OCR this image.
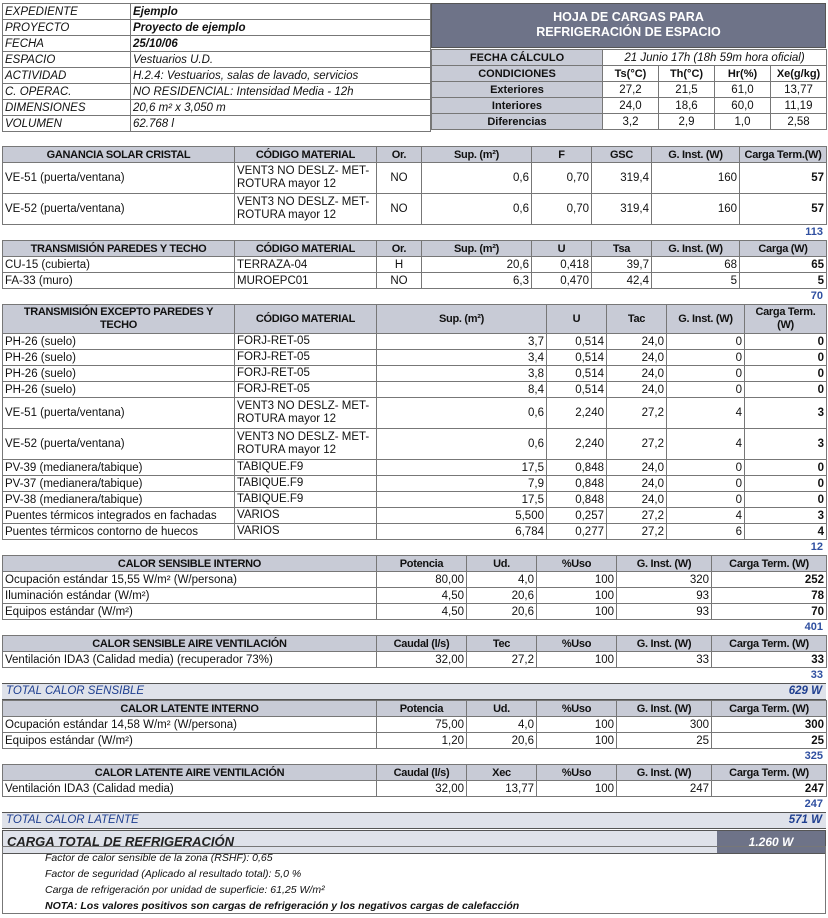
EXPEDIENTE	Ejemplo
PROYECTO	Proyecto de ejemplo
FECHA	25/10/06
ESPACIO	Vestuarios U.D.
ACTIVIDAD	H.2.4: Vestuarios, salas de lavado, servicios
C. OPERAC.	NO RESIDENCIAL: Intensidad Media - 12h
DIMENSIONES	20,6 m² x 3,050 m
VOLUMEN	62.768 l
HOJA DE CARGAS PARA
REFRIGERACIÓN DE ESPACIO
FECHA CÁLCULO	21 Junio 17h (18h 59m hora oficial)			
CONDICIONES	Ts(°C)	Th(°C)	Hr(%)	Xe(g/kg)
Exteriores	27,2	21,5	61,0	13,77
Interiores	24,0	18,6	60,0	11,19
Diferencias	3,2	2,9	1,0	2,58
GANANCIA SOLAR CRISTAL	CÓDIGO MATERIAL	Or.	Sup. (m²)	F	GSC	G. Inst. (W)	Carga Term.(W)
VE-51 (puerta/ventana)	VENT3 NO DESLZ- MET- ROTURA mayor 12	NO	0,6	0,70	319,4	160	57
VE-52 (puerta/ventana)	VENT3 NO DESLZ- MET- ROTURA mayor 12	NO	0,6	0,70	319,4	160	57
113
TRANSMISIÓN PAREDES Y TECHO	CÓDIGO MATERIAL	Or.	Sup. (m²)	U	Tsa	G. Inst. (W)	Carga (W)
CU-15 (cubierta)	TERRAZA-04	H	20,6	0,418	39,7	68	65
FA-33 (muro)	MUROEPC01	NO	6,3	0,470	42,4	5	5
70
TRANSMISIÓN EXCEPTO PAREDES Y TECHO	CÓDIGO MATERIAL	Sup. (m²)	U	Tac	G. Inst. (W)	Carga Term. (W)
PH-26 (suelo)	FORJ-RET-05	3,7	0,514	24,0	0	0
PH-26 (suelo)	FORJ-RET-05	3,4	0,514	24,0	0	0
PH-26 (suelo)	FORJ-RET-05	3,8	0,514	24,0	0	0
PH-26 (suelo)	FORJ-RET-05	8,4	0,514	24,0	0	0
VE-51 (puerta/ventana)	VENT3 NO DESLZ- MET- ROTURA mayor 12	0,6	2,240	27,2	4	3
VE-52 (puerta/ventana)	VENT3 NO DESLZ- MET- ROTURA mayor 12	0,6	2,240	27,2	4	3
PV-39 (medianera/tabique)	TABIQUE.F9	17,5	0,848	24,0	0	0
PV-37 (medianera/tabique)	TABIQUE.F9	7,9	0,848	24,0	0	0
PV-38 (medianera/tabique)	TABIQUE.F9	17,5	0,848	24,0	0	0
Puentes térmicos integrados en fachadas	VARIOS	5,500	0,257	27,2	4	3
Puentes térmicos contorno de huecos	VARIOS	6,784	0,277	27,2	6	4
12
CALOR SENSIBLE INTERNO	Potencia	Ud.	%Uso	G. Inst. (W)	Carga Term. (W)
Ocupación estándar 15,55 W/m² (W/persona)	80,00	4,0	100	320	252
Iluminación estándar (W/m²)	4,50	20,6	100	93	78
Equipos estándar (W/m²)	4,50	20,6	100	93	70
401
CALOR SENSIBLE AIRE VENTILACIÓN	Caudal (l/s)	Tec	%Uso	G. Inst. (W)	Carga Term. (W)
Ventilación IDA3 (Calidad media) (recuperador 73%)	32,00	27,2	100	33	33
33
TOTAL CALOR SENSIBLE	629 W
CALOR LATENTE INTERNO	Potencia	Ud.	%Uso	G. Inst. (W)	Carga Term. (W)
Ocupación estándar 14,58 W/m² (W/persona)	75,00	4,0	100	300	300
Equipos estándar (W/m²)	1,20	20,6	100	25	25
325
CALOR LATENTE AIRE VENTILACIÓN	Caudal (l/s)	Xec	%Uso	G. Inst. (W)	Carga Term. (W)
Ventilación IDA3 (Calidad media)	32,00	13,77	100	247	247
247
TOTAL CALOR LATENTE	571 W
CARGA TOTAL DE REFRIGERACIÓN	1.260 W
Factor de calor sensible de la zona (RSHF): 0,65
Factor de seguridad (Aplicado al resultado total): 5,0 %
Carga de refrigeración por unidad de superficie: 61,25 W/m²
NOTA: Los valores positivos son cargas de refrigeración y los negativos cargas de calefacción
